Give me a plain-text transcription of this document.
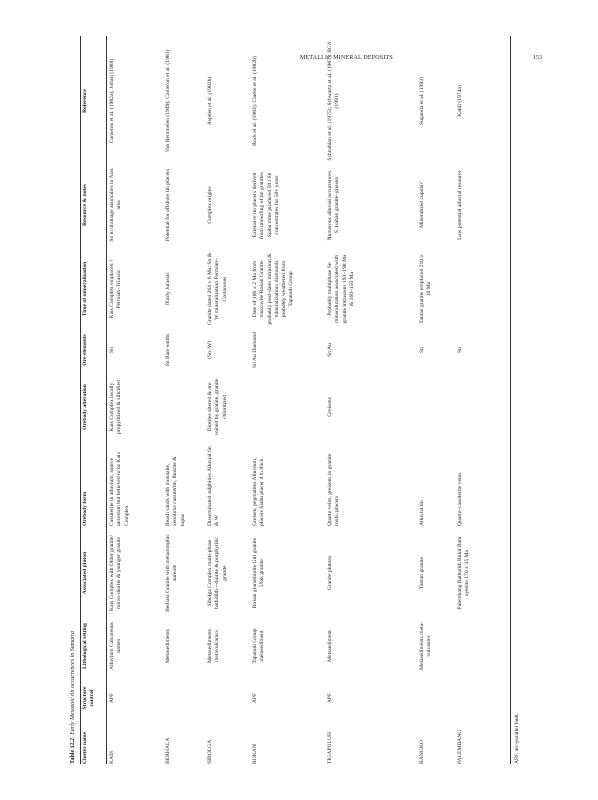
METALLIC MINERAL DEPOSITS	153
Table 12.2  Early Mesozoic tin occurrences in Sumatra
Cluster name
Structure control
Lithological setting
Associated pluton
Orebody form
Orebody alteration
Ore elements
Time of mineralization
Resource & notes
Reference
KAIS
APF
Alluvium Calcareous sinters
Kais Complex with Older granite/ micro-diorite & younger granite
Cassiterite in alluvium, source uncertain but believed to be Kais Complex
Kais Complex locally propylitized & silicified
Sn
Kais Complex emplaced ?Permian–Triassic
Sn in drainage anomalies in Aias area
Cameron et al. (1982a); Johari (1988)
BERHALA
Metasediments
Berhala Granite with metamorphic aureole
Beach sands with monazite, xenotime cassiterite, fluorite & topaz
Sn Rare earths
?Early Jurassic
Potential for offshore tin placers
Van Bemmelen (1949); Cameron et al. (1981)
SIBOLGA
Metasediments metavolcanics
Sibolga Complex multi-phase batholith—diorite & porphyritic granite
Disseminated sulphides Alluvial Sn & W
Diorites altered & ore veined by granite, granite chloritized
(Sn–W)
Granite dated 264 ± 6 Ma; Sn & W mineralization Permian–Cretaceous
Complex origins
Aspden et al. (1982b)
ROKAN
APF
Tapanuli Group metasediment
Rokan granodiorite Giti granite Ulak granite
Greisen, pegmatites Alluvium, placers Siabu placer 4 m thick
Sn Au Diamond
Date of 186 ± 2 Ma from muscovite Rokan Granite probably post-dates intrusion & mineralization; diamonds probably weathered from Tapanuli Group
Extensive tin placers derived from unroofing of tin granites. Siabu mine produced 50 t Sn concentrates for 50+ years
Rock et al. (1983); Clarke et al. (1982b)
TIGAPULUH
APF
Metasediment
Granite plutons
Quartz veins, greisens in granite roofs, placers
Greisens
Sn Au
Probably multiphase Sn mineralization associated with granite intrusions 193–198 Ma & 160–150 Ma
Numerous alluvial occurrences. S. Isahan granite–greisen
Schnabino et al. (1975); Schwartz et al. (1987); JICA (1991)
BANGKO
Metasediments meta-volcanics
Tantan granite
Alluvial tin
Sn
Tantan granite emplaced 210 ± 10 Ma
Mineralized cupola?
Suganda et al. (1993)
PALEMBANG
Palembang Batholith Bukit Batu syenite 170 ± 35 Ma
Quartz–cassiterite veins
Sn
Low potential alluvial resource
Katili (1974a)
APF, arc-parallel fault.
